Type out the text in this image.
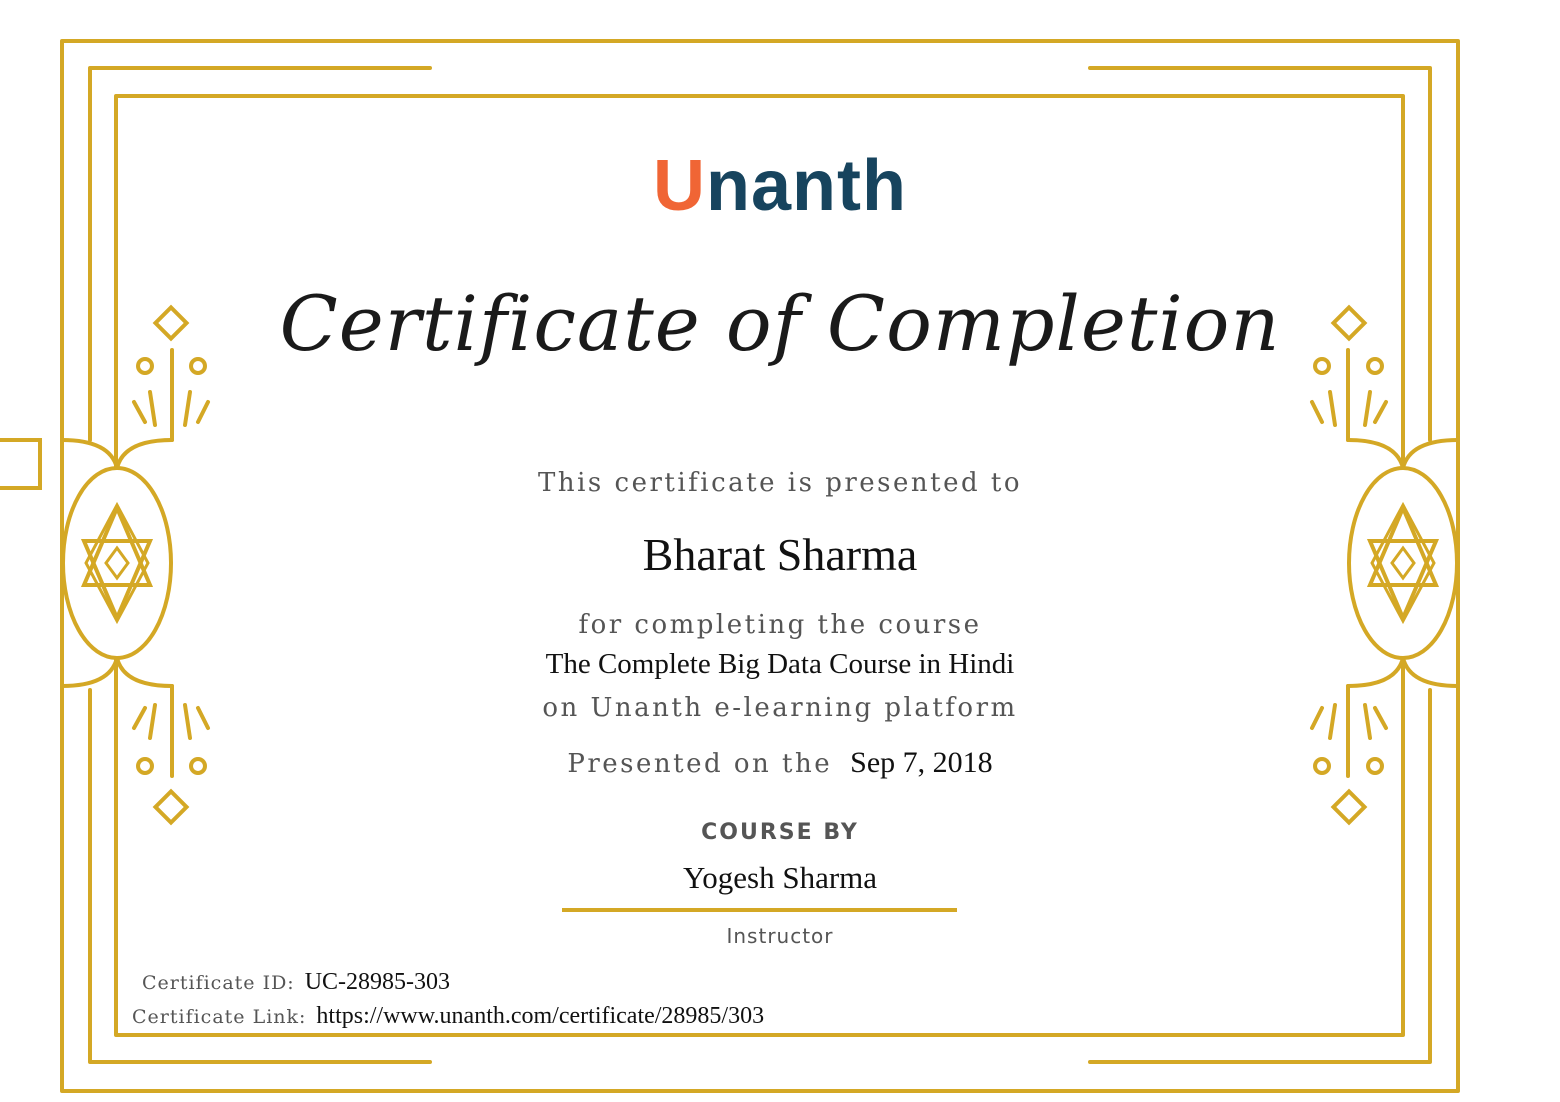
Unanth
Certificate of Completion
This certificate is presented to
Bharat Sharma
for completing the course
The Complete Big Data Course in Hindi
on Unanth e-learning platform
Presented on the Sep 7, 2018
COURSE BY
Yogesh Sharma
Instructor
Certificate ID: UC-28985-303
Certificate Link: https://www.unanth.com/certificate/28985/303
